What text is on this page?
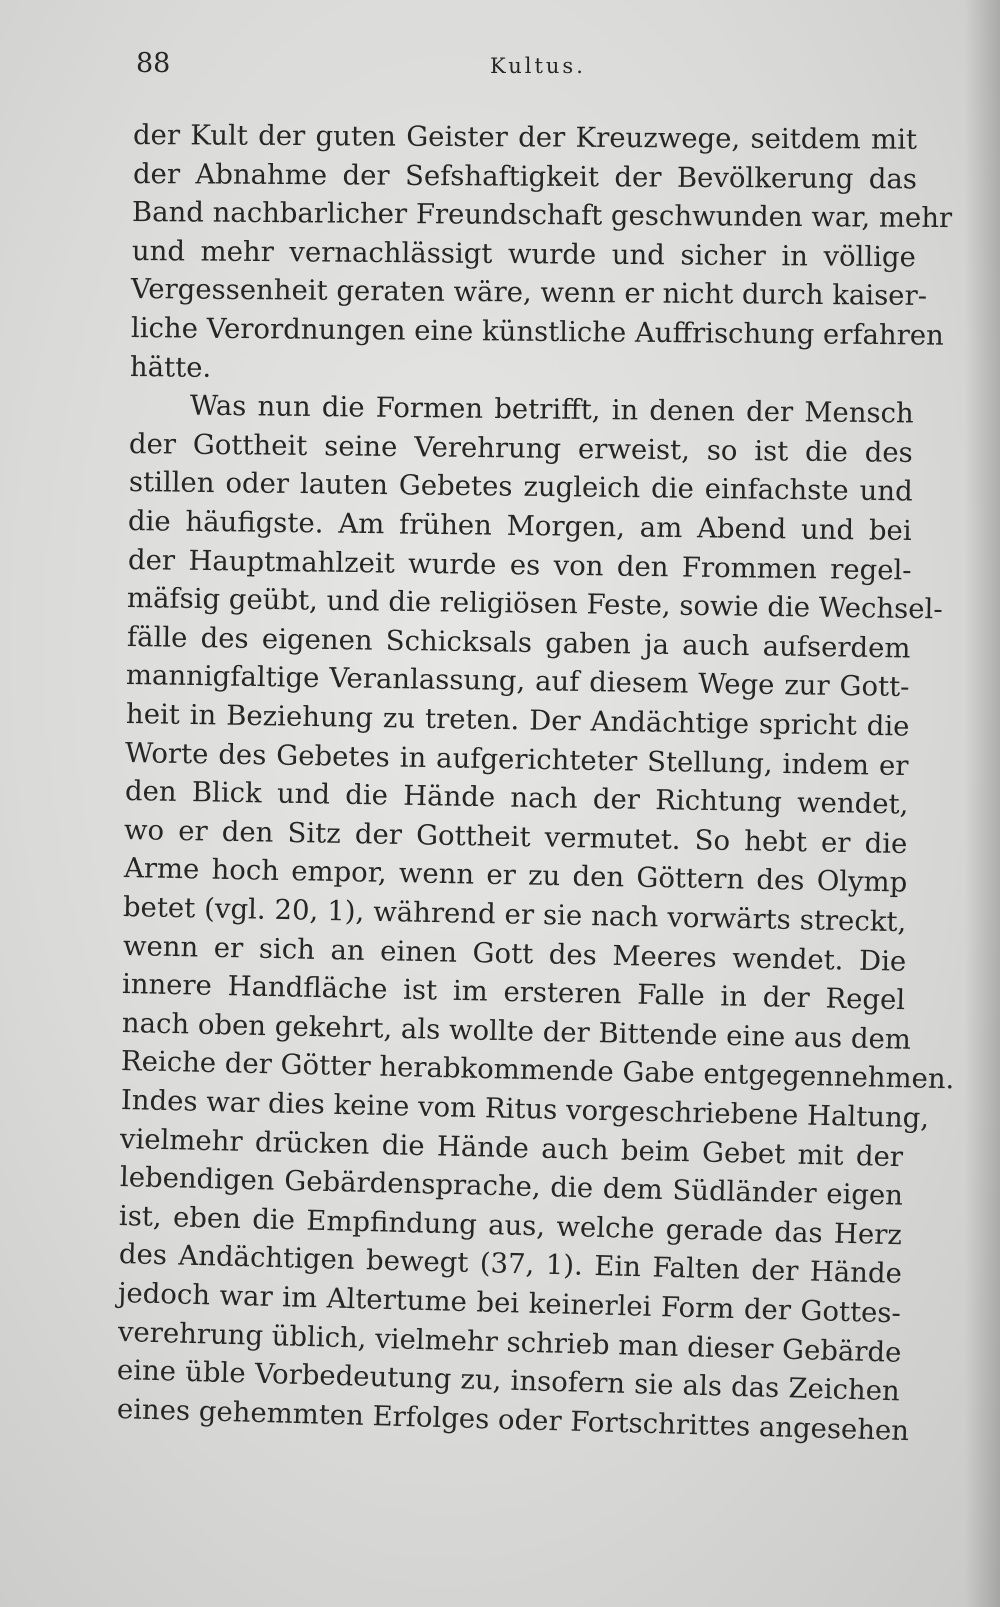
88	Kultus.
der Kult der guten Geister der Kreuzwege, seitdem mit
der Abnahme der Sefshaftigkeit der Bevölkerung das
Band nachbarlicher Freundschaft geschwunden war, mehr
und mehr vernachlässigt wurde und sicher in völlige
Vergessenheit geraten wäre, wenn er nicht durch kaiser-
liche Verordnungen eine künstliche Auffrischung erfahren
hätte.
Was nun die Formen betrifft, in denen der Mensch
der Gottheit seine Verehrung erweist, so ist die des
stillen oder lauten Gebetes zugleich die einfachste und
die häufigste. Am frühen Morgen, am Abend und bei
der Hauptmahlzeit wurde es von den Frommen regel-
mäfsig geübt, und die religiösen Feste, sowie die Wechsel-
fälle des eigenen Schicksals gaben ja auch aufserdem
mannigfaltige Veranlassung, auf diesem Wege zur Gott-
heit in Beziehung zu treten. Der Andächtige spricht die
Worte des Gebetes in aufgerichteter Stellung, indem er
den Blick und die Hände nach der Richtung wendet,
wo er den Sitz der Gottheit vermutet. So hebt er die
Arme hoch empor, wenn er zu den Göttern des Olymp
betet (vgl. 20, 1), während er sie nach vorwärts streckt,
wenn er sich an einen Gott des Meeres wendet. Die
innere Handfläche ist im ersteren Falle in der Regel
nach oben gekehrt, als wollte der Bittende eine aus dem
Reiche der Götter herabkommende Gabe entgegennehmen.
Indes war dies keine vom Ritus vorgeschriebene Haltung,
vielmehr drücken die Hände auch beim Gebet mit der
lebendigen Gebärdensprache, die dem Südländer eigen
ist, eben die Empfindung aus, welche gerade das Herz
des Andächtigen bewegt (37, 1). Ein Falten der Hände
jedoch war im Altertume bei keinerlei Form der Gottes-
verehrung üblich, vielmehr schrieb man dieser Gebärde
eine üble Vorbedeutung zu, insofern sie als das Zeichen
eines gehemmten Erfolges oder Fortschrittes angesehen
